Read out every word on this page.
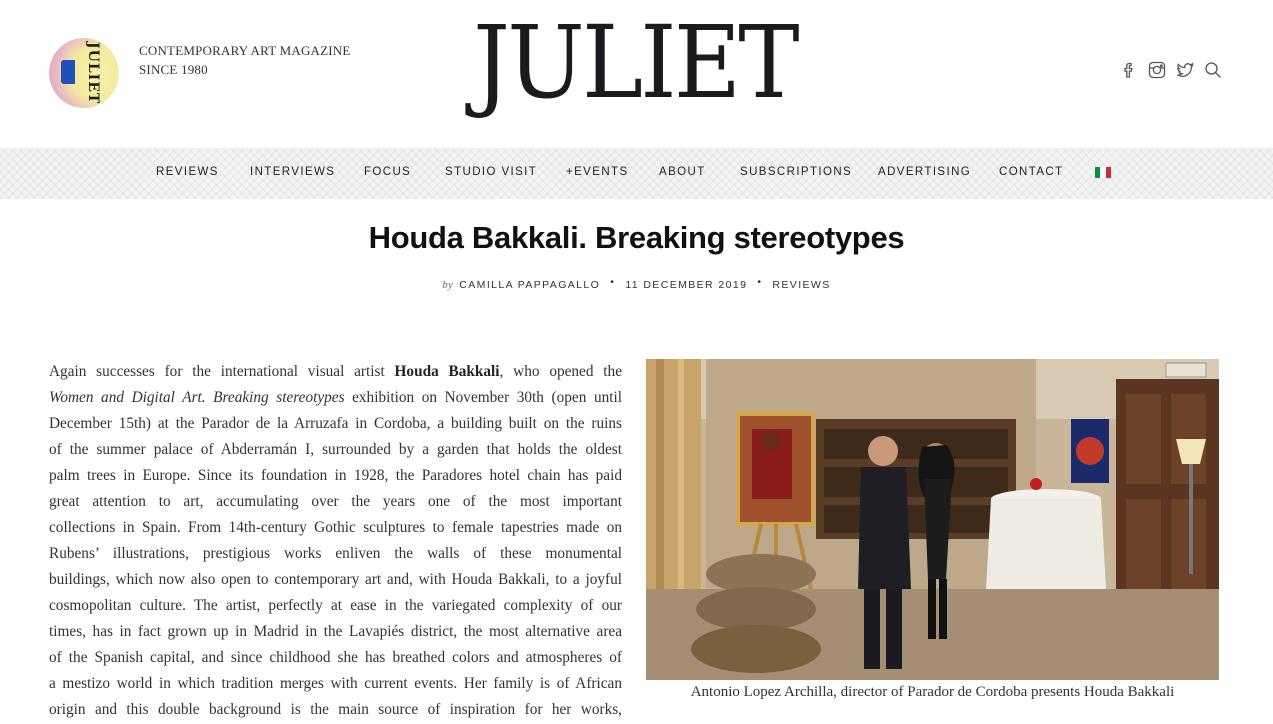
JULIET	CONTEMPORARY ART MAGAZINE
SINCE 1980	JULIET
REVIEWS	INTERVIEWS FOCUS	STUDIO VISIT	+EVENTS	ABOUT	SUBSCRIPTIONS ADVERTISING CONTACT
Houda Bakkali. Breaking stereotypes
by CAMILLA PAPPAGALLO • 11 DECEMBER 2019 • REVIEWS
Again successes for the international visual artist Houda Bakkali, who opened the
Women and Digital Art. Breaking stereotypes exhibition on November 30th (open until
December 15th) at the Parador de la Arruzafa in Cordoba, a building built on the ruins
of the summer palace of Abderramán I, surrounded by a garden that holds the oldest
palm trees in Europe. Since its foundation in 1928, the Paradores hotel chain has paid
great attention to art, accumulating over the years one of the most important
collections in Spain. From 14th-century Gothic sculptures to female tapestries made on
Rubens’ illustrations, prestigious works enliven the walls of these monumental
buildings, which now also open to contemporary art and, with Houda Bakkali, to a joyful
cosmopolitan culture. The artist, perfectly at ease in the variegated complexity of our
times, has in fact grown up in Madrid in the Lavapiés district, the most alternative area
of the Spanish capital, and since childhood she has breathed colors and atmospheres of
a mestizo world in which tradition merges with current events. Her family is of African
origin and this double background is the main source of inspiration for her works,
Antonio Lopez Archilla, director of Parador de Cordoba presents Houda Bakkali
